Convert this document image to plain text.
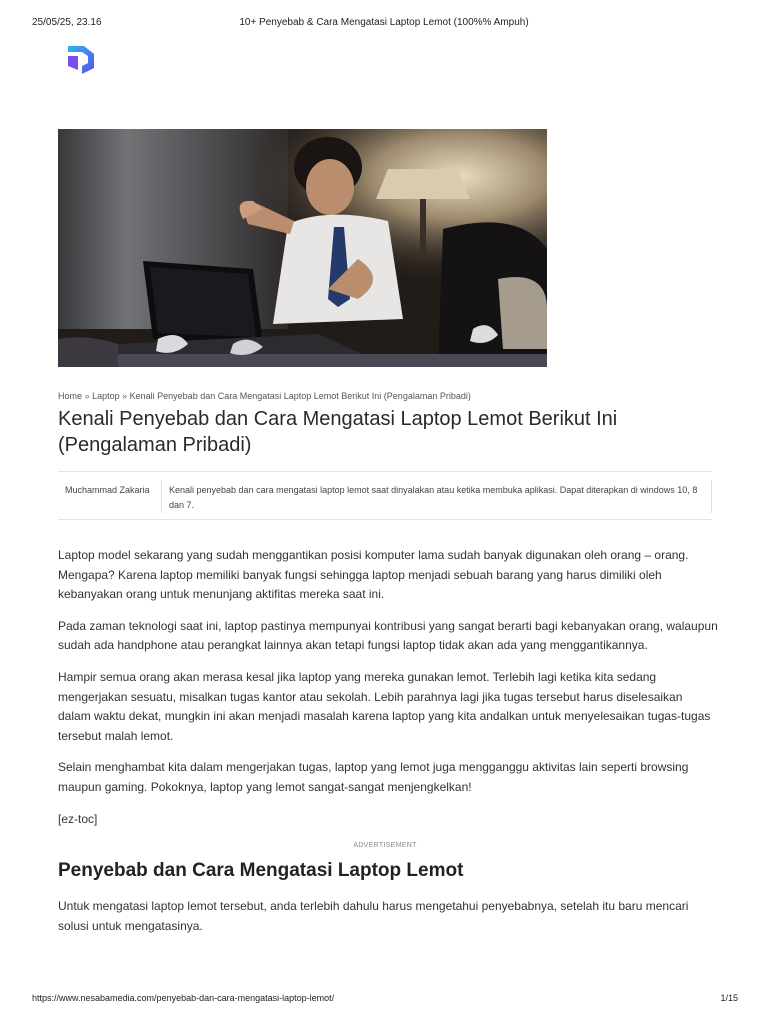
25/05/25, 23.16	10+ Penyebab & Cara Mengatasi Laptop Lemot (100%% Ampuh)
Home » Laptop » Kenali Penyebab dan Cara Mengatasi Laptop Lemot Berikut Ini (Pengalaman Pribadi)
Kenali Penyebab dan Cara Mengatasi Laptop Lemot Berikut Ini (Pengalaman Pribadi)
Muchammad Zakaria	Kenali penyebab dan cara mengatasi laptop lemot saat dinyalakan atau ketika membuka aplikasi. Dapat diterapkan di windows 10, 8 dan 7.

Laptop model sekarang yang sudah menggantikan posisi komputer lama sudah banyak digunakan oleh orang – orang. Mengapa? Karena laptop memiliki banyak fungsi sehingga laptop menjadi sebuah barang yang harus dimiliki oleh kebanyakan orang untuk menunjang aktifitas mereka saat ini.

Pada zaman teknologi saat ini, laptop pastinya mempunyai kontribusi yang sangat berarti bagi kebanyakan orang, walaupun sudah ada handphone atau perangkat lainnya akan tetapi fungsi laptop tidak akan ada yang menggantikannya.

Hampir semua orang akan merasa kesal jika laptop yang mereka gunakan lemot. Terlebih lagi ketika kita sedang mengerjakan sesuatu, misalkan tugas kantor atau sekolah. Lebih parahnya lagi jika tugas tersebut harus diselesaikan dalam waktu dekat, mungkin ini akan menjadi masalah karena laptop yang kita andalkan untuk menyelesaikan tugas-tugas tersebut malah lemot.

Selain menghambat kita dalam mengerjakan tugas, laptop yang lemot juga mengganggu aktivitas lain seperti browsing maupun gaming. Pokoknya, laptop yang lemot sangat-sangat menjengkelkan!

[ez-toc]

ADVERTISEMENT
Penyebab dan Cara Mengatasi Laptop Lemot

Untuk mengatasi laptop lemot tersebut, anda terlebih dahulu harus mengetahui penyebabnya, setelah itu baru mencari solusi untuk mengatasinya.

https://www.nesabamedia.com/penyebab-dan-cara-mengatasi-laptop-lemot/	1/15
